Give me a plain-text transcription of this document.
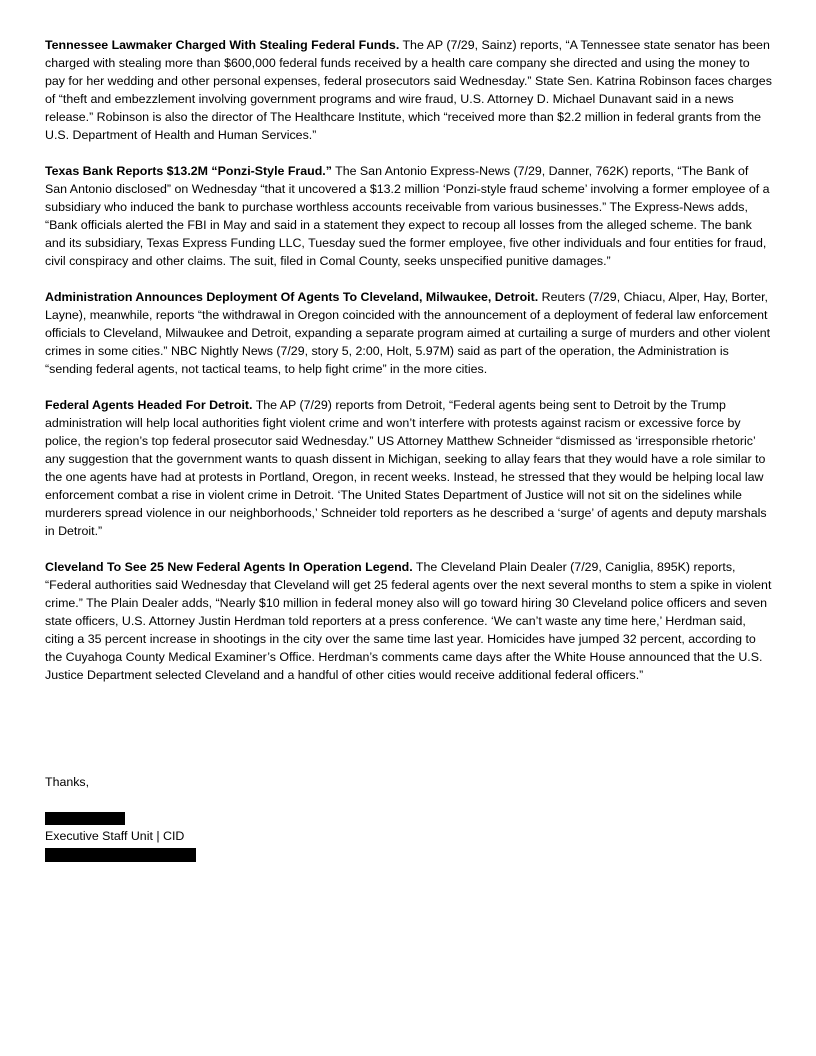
Tennessee Lawmaker Charged With Stealing Federal Funds. The AP (7/29, Sainz) reports, “A Tennessee state senator has been charged with stealing more than $600,000 federal funds received by a health care company she directed and using the money to pay for her wedding and other personal expenses, federal prosecutors said Wednesday.” State Sen. Katrina Robinson faces charges of “theft and embezzlement involving government programs and wire fraud, U.S. Attorney D. Michael Dunavant said in a news release.” Robinson is also the director of The Healthcare Institute, which “received more than $2.2 million in federal grants from the U.S. Department of Health and Human Services.”

Texas Bank Reports $13.2M “Ponzi-Style Fraud.” The San Antonio Express-News (7/29, Danner, 762K) reports, “The Bank of San Antonio disclosed” on Wednesday “that it uncovered a $13.2 million ‘Ponzi-style fraud scheme’ involving a former employee of a subsidiary who induced the bank to purchase worthless accounts receivable from various businesses.” The Express-News adds, “Bank officials alerted the FBI in May and said in a statement they expect to recoup all losses from the alleged scheme. The bank and its subsidiary, Texas Express Funding LLC, Tuesday sued the former employee, five other individuals and four entities for fraud, civil conspiracy and other claims. The suit, filed in Comal County, seeks unspecified punitive damages.”

Administration Announces Deployment Of Agents To Cleveland, Milwaukee, Detroit. Reuters (7/29, Chiacu, Alper, Hay, Borter, Layne), meanwhile, reports “the withdrawal in Oregon coincided with the announcement of a deployment of federal law enforcement officials to Cleveland, Milwaukee and Detroit, expanding a separate program aimed at curtailing a surge of murders and other violent crimes in some cities.” NBC Nightly News (7/29, story 5, 2:00, Holt, 5.97M) said as part of the operation, the Administration is “sending federal agents, not tactical teams, to help fight crime” in the more cities.

Federal Agents Headed For Detroit. The AP (7/29) reports from Detroit, “Federal agents being sent to Detroit by the Trump administration will help local authorities fight violent crime and won’t interfere with protests against racism or excessive force by police, the region’s top federal prosecutor said Wednesday.” US Attorney Matthew Schneider “dismissed as ‘irresponsible rhetoric’ any suggestion that the government wants to quash dissent in Michigan, seeking to allay fears that they would have a role similar to the one agents have had at protests in Portland, Oregon, in recent weeks. Instead, he stressed that they would be helping local law enforcement combat a rise in violent crime in Detroit. ‘The United States Department of Justice will not sit on the sidelines while murderers spread violence in our neighborhoods,’ Schneider told reporters as he described a ‘surge’ of agents and deputy marshals in Detroit.”

Cleveland To See 25 New Federal Agents In Operation Legend. The Cleveland Plain Dealer (7/29, Caniglia, 895K) reports, “Federal authorities said Wednesday that Cleveland will get 25 federal agents over the next several months to stem a spike in violent crime.” The Plain Dealer adds, “Nearly $10 million in federal money also will go toward hiring 30 Cleveland police officers and seven state officers, U.S. Attorney Justin Herdman told reporters at a press conference. ‘We can’t waste any time here,’ Herdman said, citing a 35 percent increase in shootings in the city over the same time last year. Homicides have jumped 32 percent, according to the Cuyahoga County Medical Examiner’s Office. Herdman’s comments came days after the White House announced that the U.S. Justice Department selected Cleveland and a handful of other cities would receive additional federal officers.”

Thanks,
Executive Staff Unit | CID
